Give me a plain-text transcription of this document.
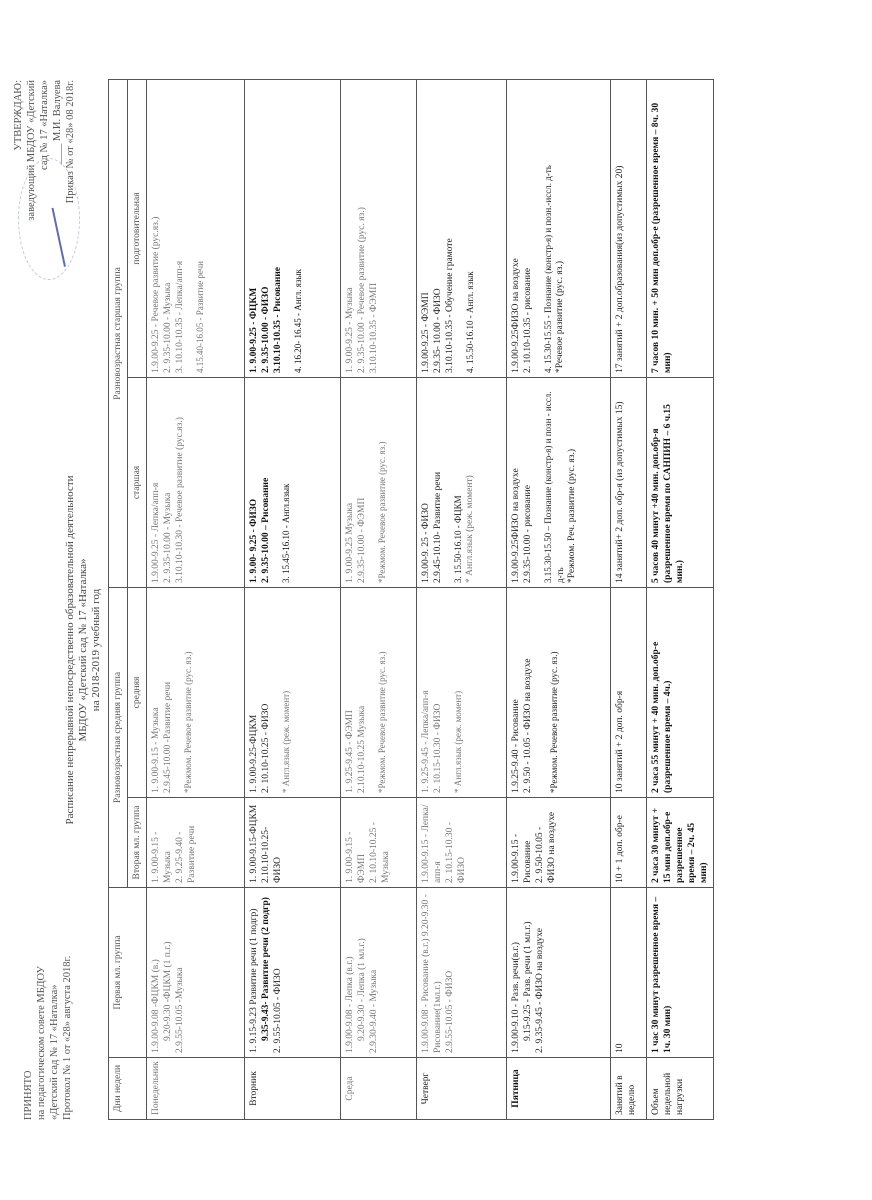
ПРИНЯТО на педагогическом совете МБДОУ «Детский сад № 17 «Наталка» Протокол № 1 от «28» августа 2018г.
УТВЕРЖДАЮ: заведующий МБДОУ «Детский сад № 17 «Наталка» ____ М.И. Валуева Приказ № от «28» 08 2018г.
Расписание непрерывной непосредственно образовательной деятельности МБДОУ «Детский сад № 17 «Наталка» на 2018-2019 учебный год
Дни недели	Первая мл. группа	Разновозрастная средняя группа		Разновозрастная старшая группа	
		Вторая мл. группа	средняя	старшая	подготовительная
Понедельник	1.9.00-9.08 -ФЦКМ (в.) 9.20-9.30 -ФЦКМ (1 п.г.) 2.9.55-10.05 -Музыка	1. 9.00-9.15 - Музыка 2. 9.25-9.40 - Развитие речи	1. 9.00-9.15 - Музыка 2.9.45-10.00 -Развитие речи *Режмом. Речевое развитие (рус. яз.)	1.9.00-9.25 - Лепка/апп-я 2. 9.35-10.00 - Музыка 3.10.10-10.30 - Речевое развитие (рус.яз.)	1.9.00-9.25 - Речевое развитие (рус.яз.) 2. 9.35-10.00 - Музыка 3. 10.10-10.35 - Лепка/апп-я 4.15.40-16.05 - Развитие речи

Вторник	1. 9.15-9.23 Развитие речи (1 подгр) 9.35-9.43- Развитие речи (2 подгр) 2. 9.55-10.05 - ФИЗО	1. 9.00-9.15-ФЦКМ 2.10.10-10.25- ФИЗО	1. 9.00-9.25-ФЦКМ 2. 10.10-10.25 - ФИЗО * Англ.язык (реж. момент)	1. 9.00- 9.25 - ФИЗО 2. 9.35-10.00 – Рисование 3. 15.45-16.10 - Англ.язык	1. 9.00-9.25 - ФЦКМ 2. 9.35-10.00 - ФИЗО 3.10.10-10.35 - Рисование 4. 16.20- 16.45 - Англ. язык

Среда	1.9.00-9.08 - Лепка (в.г.) 9.20-9.30 - Лепка (1 мл.г.) 2.9.30-9.40 - Музыка	1. 9.00-9.15 - ФЭМП 2. 10.10-10.25 - Музыка	1. 9.25-9.45 - ФЭМП 2.10.10-10.25 Музыка *Режмом. Речевое развитие (рус. яз.)	1. 9.00-9.25 Музыка 2.9.35-10.00 - ФЭМП *Режмом. Речевое развитие (рус. яз.)	1. 9.00-9.25 - Музыка 2. 9.35-10.00 - Речевое развитие (рус. яз.) 3.10.10-10.35 - ФЭМП

Четверг	1.9.00-9.08 - Рисование (в.г.) 9.20-9.30 - Рисование(1мл.г.) 2.9.55-10.05 - ФИЗО	1.9.00-9.15 - Лепка/апп-я 2. 10.15-10.30 - ФИЗО	1. 9.25-9.45 - Лепка/апп-я 2. 10.15-10.30 - ФИЗО * Англ.язык (реж. момент)	1.9.00-9. 25 - ФИЗО 2.9.45-10.10- Развитие речи 3. 15.50-16.10 - ФЦКМ * Англ.язык (реж. момент)	1.9.00-9.25 - ФЭМП 2.9.35- 10.00 - ФИЗО 3.10.10-10.35 - Обучение грамоте 4. 15.50-16.10 - Англ. язык

Пятница	1.9.00-9.10 - Разв. речи(в.г.) 9.15-9.25 - Разв. речи (1 мл.г.) 2. 9.35-9.45 - ФИЗО на воздухе	1.9.00-9.15 - Рисование 2. 9.50-10.05 - ФИЗО на воздухе	1.9.25-9.40 - Рисование 2. 9.50 - 10.05 - ФИЗО на воздухе *Режмом. Речевое развитие (рус. яз.)	1.9.00-9.25ФИЗО на воздухе 2.9.35-10.00 - рисование 3.15.30-15.50 – Познание (констр-я) и позн - иссл. д-ть *Режмом. Реч. развитие (рус. яз.)	1.9.00-9.25ФИЗО на воздухе 2. 10.10-10.35 - рисование 4. 15.30-15.55 - Познание (констр-я) и позн.-иссл. д-ть *Речевое развитие (рус. яз.)

Занятий в неделю	10	10 + 1 доп. обр-е	10 занятий + 2 доп. обр-я	14 занятий+ 2 доп. обр-я (из допустимых 15)	17 занятий + 2 доп.образования(из допустимых 20)
Объем недельной нагрузки	1 час 30 минут разрешенное время – 1ч. 30 мин)	2 часа 30 минут + 15 мин доп.обр-е разрешенное время – 2ч. 45 мин)	2 часа 55 минут + 40 мин. доп.обр-е (разрешенное время – 4ч.)	5 часов 40 минут +40 мин. доп.обр-я (разрешенное время по САНПИН – 6 ч.15 мин.)	7 часов 10 мин. + 50 мин доп.обр-е (разрешенное время – 8ч. 30 мин)
